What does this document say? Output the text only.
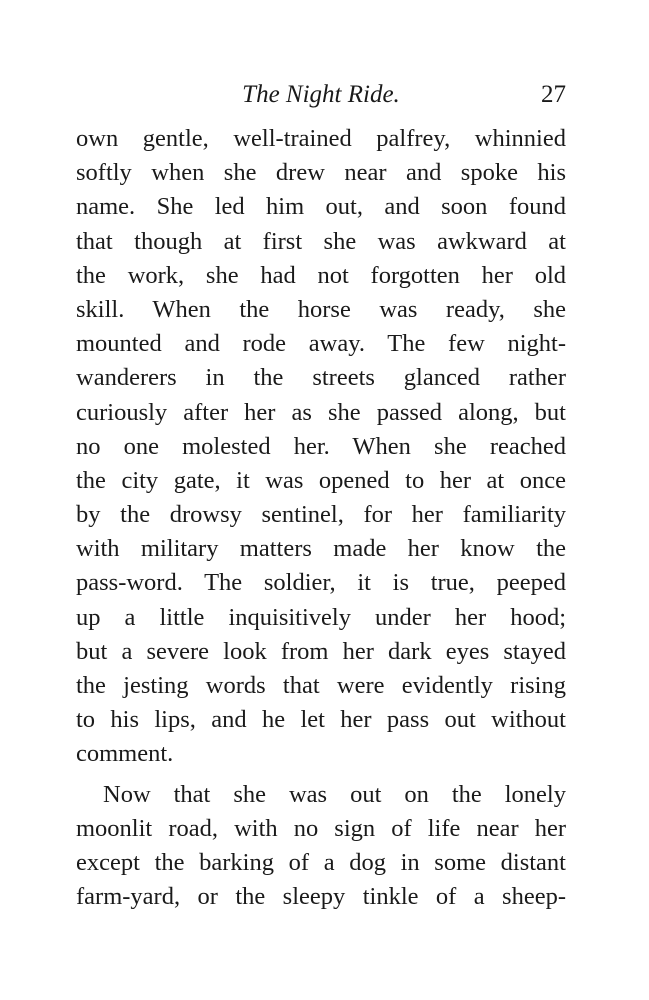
The Night Ride.	27
own gentle, well-trained palfrey, whinnied
softly when she drew near and spoke his
name. She led him out, and soon found
that though at first she was awkward at
the work, she had not forgotten her old
skill. When the horse was ready, she
mounted and rode away. The few night-
wanderers in the streets glanced rather
curiously after her as she passed along, but
no one molested her. When she reached
the city gate, it was opened to her at once
by the drowsy sentinel, for her familiarity
with military matters made her know the
pass-word. The soldier, it is true, peeped
up a little inquisitively under her hood;
but a severe look from her dark eyes stayed
the jesting words that were evidently rising
to his lips, and he let her pass out without
comment.
Now that she was out on the lonely
moonlit road, with no sign of life near her
except the barking of a dog in some distant
farm-yard, or the sleepy tinkle of a sheep-
